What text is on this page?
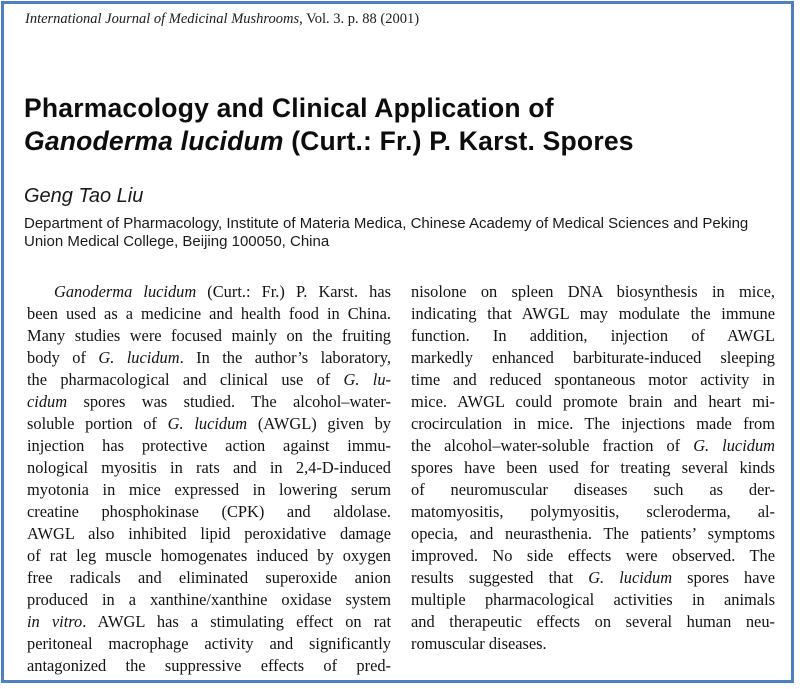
International Journal of Medicinal Mushrooms, Vol. 3. p. 88 (2001)
Pharmacology and Clinical Application of
Ganoderma lucidum (Curt.: Fr.) P. Karst. Spores
Geng Tao Liu
Department of Pharmacology, Institute of Materia Medica, Chinese Academy of Medical Sciences and Peking
Union Medical College, Beijing 100050, China
Ganoderma lucidum (Curt.: Fr.) P. Karst. has
been used as a medicine and health food in China.
Many studies were focused mainly on the fruiting
body of G. lucidum. In the author’s laboratory,
the pharmacological and clinical use of G. lu-
cidum spores was studied. The alcohol–water-
soluble portion of G. lucidum (AWGL) given by
injection has protective action against immu-
nological myositis in rats and in 2,4-D-induced
myotonia in mice expressed in lowering serum
creatine phosphokinase (CPK) and aldolase.
AWGL also inhibited lipid peroxidative damage
of rat leg muscle homogenates induced by oxygen
free radicals and eliminated superoxide anion
produced in a xanthine/xanthine oxidase system
in vitro. AWGL has a stimulating effect on rat
peritoneal macrophage activity and significantly
antagonized the suppressive effects of pred-
nisolone on spleen DNA biosynthesis in mice,
indicating that AWGL may modulate the immune
function. In addition, injection of AWGL
markedly enhanced barbiturate-induced sleeping
time and reduced spontaneous motor activity in
mice. AWGL could promote brain and heart mi-
crocirculation in mice. The injections made from
the alcohol–water-soluble fraction of G. lucidum
spores have been used for treating several kinds
of neuromuscular diseases such as der-
matomyositis, polymyositis, scleroderma, al-
opecia, and neurasthenia. The patients’ symptoms
improved. No side effects were observed. The
results suggested that G. lucidum spores have
multiple pharmacological activities in animals
and therapeutic effects on several human neu-
romuscular diseases.
